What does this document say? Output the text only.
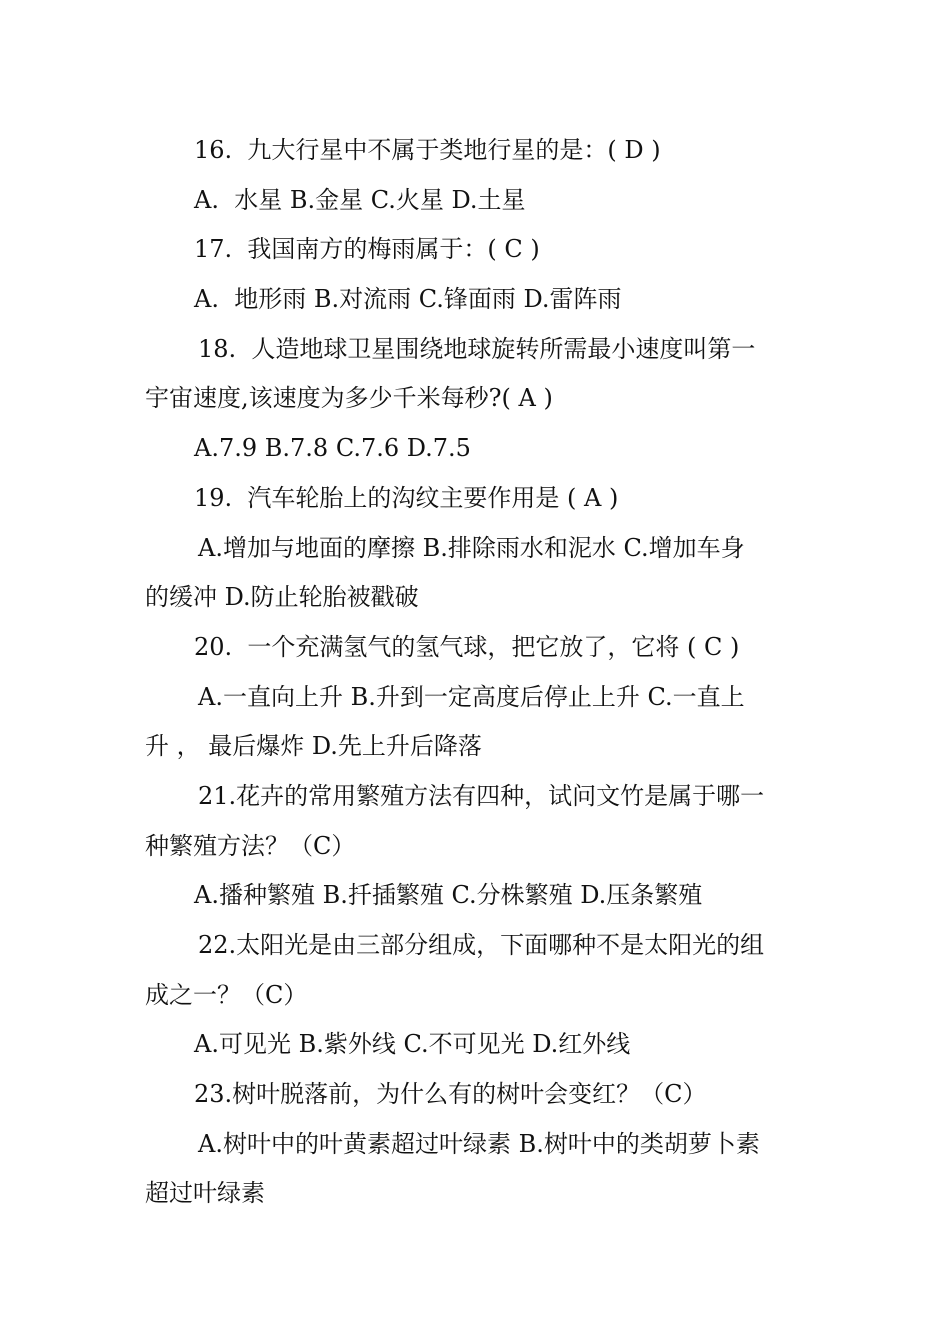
16.  九大行星中不属于类地行星的是：( D )
A.  水星 B.金星 C.火星 D.土星
17.  我国南方的梅雨属于：( C )
A.  地形雨 B.对流雨 C.锋面雨 D.雷阵雨
18.  人造地球卫星围绕地球旋转所需最小速度叫第一
宇宙速度,该速度为多少千米每秒?( A )
A.7.9 B.7.8 C.7.6 D.7.5
19.  汽车轮胎上的沟纹主要作用是 ( A )
A.增加与地面的摩擦 B.排除雨水和泥水 C.增加车身
的缓冲 D.防止轮胎被戳破
20.  一个充满氢气的氢气球，把它放了，它将 ( C )
A.一直向上升 B.升到一定高度后停止上升 C.一直上
升 ， 最后爆炸 D.先上升后降落
21.花卉的常用繁殖方法有四种，试问文竹是属于哪一
种繁殖方法？（C）
A.播种繁殖 B.扦插繁殖 C.分株繁殖 D.压条繁殖
22.太阳光是由三部分组成，下面哪种不是太阳光的组
成之一？（C）
A.可见光 B.紫外线 C.不可见光 D.红外线
23.树叶脱落前，为什么有的树叶会变红？（C）
A.树叶中的叶黄素超过叶绿素 B.树叶中的类胡萝卜素
超过叶绿素
